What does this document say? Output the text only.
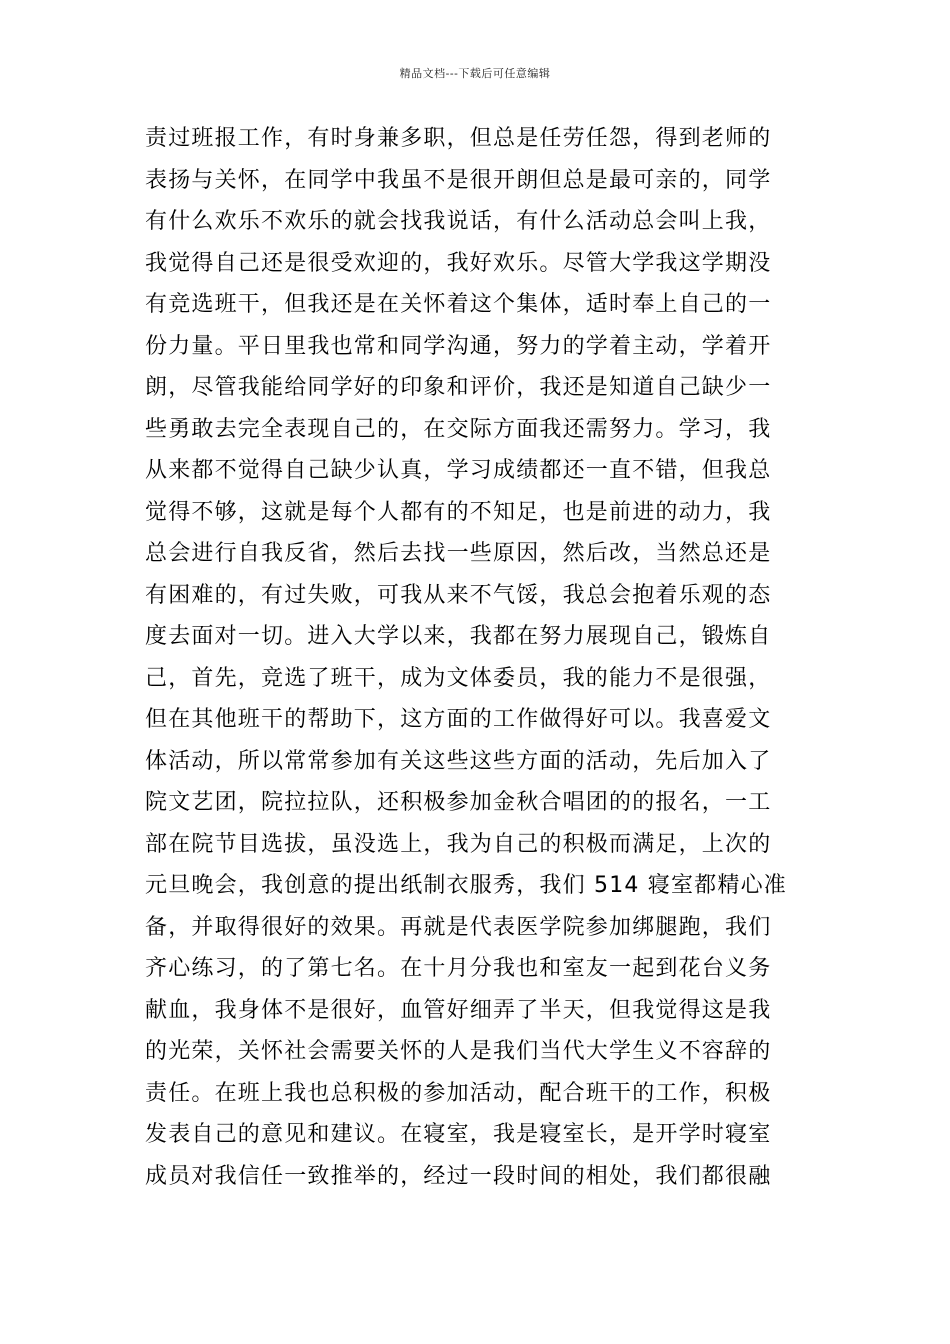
精品文档---下载后可任意编辑
责过班报工作，有时身兼多职，但总是任劳任怨，得到老师的
表扬与关怀，在同学中我虽不是很开朗但总是最可亲的，同学
有什么欢乐不欢乐的就会找我说话，有什么活动总会叫上我，
我觉得自己还是很受欢迎的，我好欢乐。尽管大学我这学期没
有竞选班干，但我还是在关怀着这个集体，适时奉上自己的一
份力量。平日里我也常和同学沟通，努力的学着主动，学着开
朗，尽管我能给同学好的印象和评价，我还是知道自己缺少一
些勇敢去完全表现自己的，在交际方面我还需努力。学习，我
从来都不觉得自己缺少认真，学习成绩都还一直不错，但我总
觉得不够，这就是每个人都有的不知足，也是前进的动力，我
总会进行自我反省，然后去找一些原因，然后改，当然总还是
有困难的，有过失败，可我从来不气馁，我总会抱着乐观的态
度去面对一切。进入大学以来，我都在努力展现自己，锻炼自
己，首先，竞选了班干，成为文体委员，我的能力不是很强，
但在其他班干的帮助下，这方面的工作做得好可以。我喜爱文
体活动，所以常常参加有关这些这些方面的活动，先后加入了
院文艺团，院拉拉队，还积极参加金秋合唱团的的报名，一工
部在院节目选拔，虽没选上，我为自己的积极而满足，上次的
元旦晚会，我创意的提出纸制衣服秀，我们 514 寝室都精心准
备，并取得很好的效果。再就是代表医学院参加绑腿跑，我们
齐心练习，的了第七名。在十月分我也和室友一起到花台义务
献血，我身体不是很好，血管好细弄了半天，但我觉得这是我
的光荣，关怀社会需要关怀的人是我们当代大学生义不容辞的
责任。在班上我也总积极的参加活动，配合班干的工作，积极
发表自己的意见和建议。在寝室，我是寝室长，是开学时寝室
成员对我信任一致推举的，经过一段时间的相处，我们都很融
